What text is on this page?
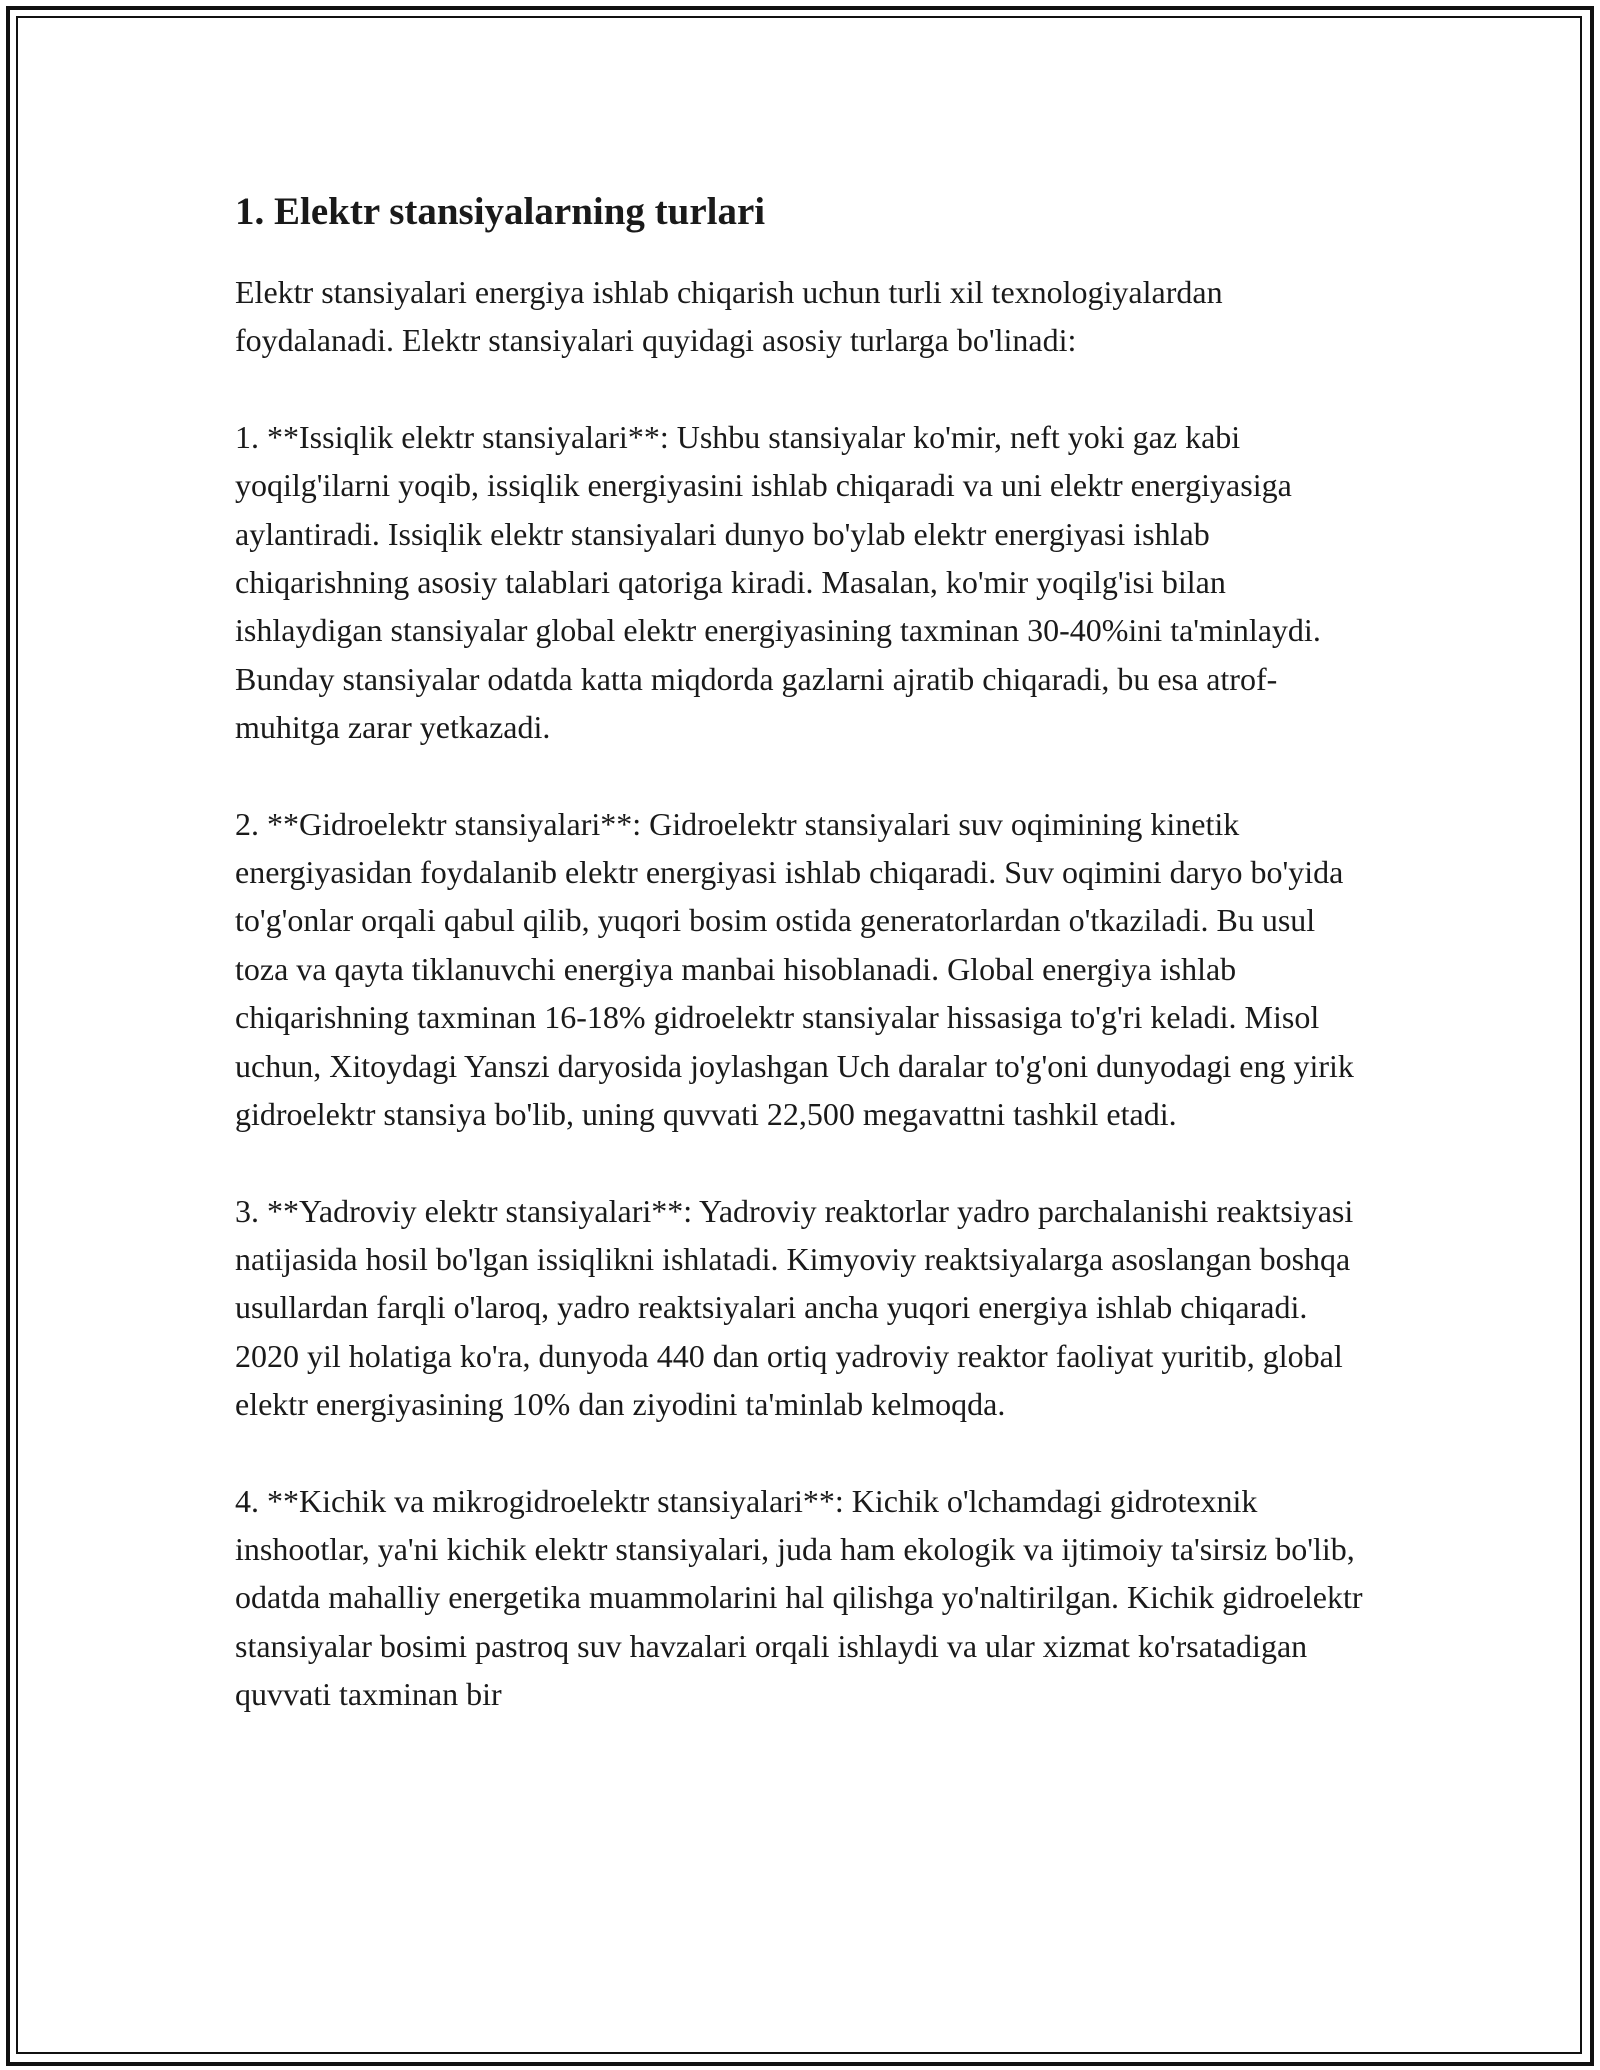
1. Elektr stansiyalarning turlari

Elektr stansiyalari energiya ishlab chiqarish uchun turli xil texnologiyalardan foydalanadi. Elektr stansiyalari quyidagi asosiy turlarga bo'linadi:

1. **Issiqlik elektr stansiyalari**: Ushbu stansiyalar ko'mir, neft yoki gaz kabi yoqilg'ilarni yoqib, issiqlik energiyasini ishlab chiqaradi va uni elektr energiyasiga aylantiradi. Issiqlik elektr stansiyalari dunyo bo'ylab elektr energiyasi ishlab chiqarishning asosiy talablari qatoriga kiradi. Masalan, ko'mir yoqilg'isi bilan ishlaydigan stansiyalar global elektr energiyasining taxminan 30-40%ini ta'minlaydi. Bunday stansiyalar odatda katta miqdorda gazlarni ajratib chiqaradi, bu esa atrof-muhitga zarar yetkazadi.

2. **Gidroelektr stansiyalari**: Gidroelektr stansiyalari suv oqimining kinetik energiyasidan foydalanib elektr energiyasi ishlab chiqaradi. Suv oqimini daryo bo'yida to'g'onlar orqali qabul qilib, yuqori bosim ostida generatorlardan o'tkaziladi. Bu usul toza va qayta tiklanuvchi energiya manbai hisoblanadi. Global energiya ishlab chiqarishning taxminan 16-18% gidroelektr stansiyalar hissasiga to'g'ri keladi. Misol uchun, Xitoydagi Yanszi daryosida joylashgan Uch daralar to'g'oni dunyodagi eng yirik gidroelektr stansiya bo'lib, uning quvvati 22,500 megavattni tashkil etadi.

3. **Yadroviy elektr stansiyalari**: Yadroviy reaktorlar yadro parchalanishi reaktsiyasi natijasida hosil bo'lgan issiqlikni ishlatadi. Kimyoviy reaktsiyalarga asoslangan boshqa usullardan farqli o'laroq, yadro reaktsiyalari ancha yuqori energiya ishlab chiqaradi. 2020 yil holatiga ko'ra, dunyoda 440 dan ortiq yadroviy reaktor faoliyat yuritib, global elektr energiyasining 10% dan ziyodini ta'minlab kelmoqda.

4. **Kichik va mikrogidroelektr stansiyalari**: Kichik o'lchamdagi gidrotexnik inshootlar, ya'ni kichik elektr stansiyalari, juda ham ekologik va ijtimoiy ta'sirsiz bo'lib, odatda mahalliy energetika muammolarini hal qilishga yo'naltirilgan. Kichik gidroelektr stansiyalar bosimi pastroq suv havzalari orqali ishlaydi va ular xizmat ko'rsatadigan quvvati taxminan bir
